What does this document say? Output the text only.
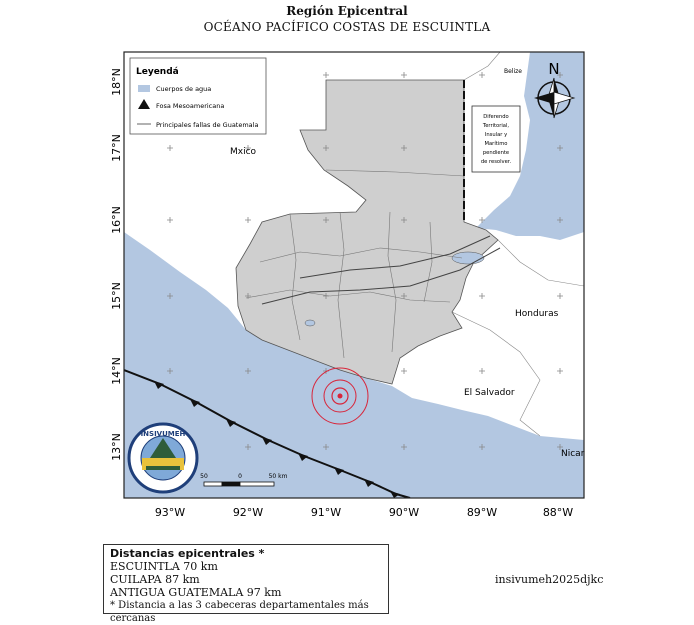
Región Epicentral
OCÉANO PACÍFICO COSTAS DE ESCUINTLA
Mxico
Belize
Honduras
El Salvador
Nicar
Diferendo
Territorial,
Insular y
Marítimo
pendiente
de resolver.
N
Leyendá
Cuerpos de agua
Fosa Mesoamericana
Principales fallas de Guatemala
INSIVUMEH
50	0	50 km
18°N
17°N
16°N
15°N
14°N
13°N
93°W	92°W	91°W	90°W	89°W	88°W
Distancias epicentrales *
ESCUINTLA 70 km
CUILAPA 87 km
ANTIGUA GUATEMALA 97 km
* Distancia a las 3 cabeceras departamentales más cercanas
insivumeh2025djkc
